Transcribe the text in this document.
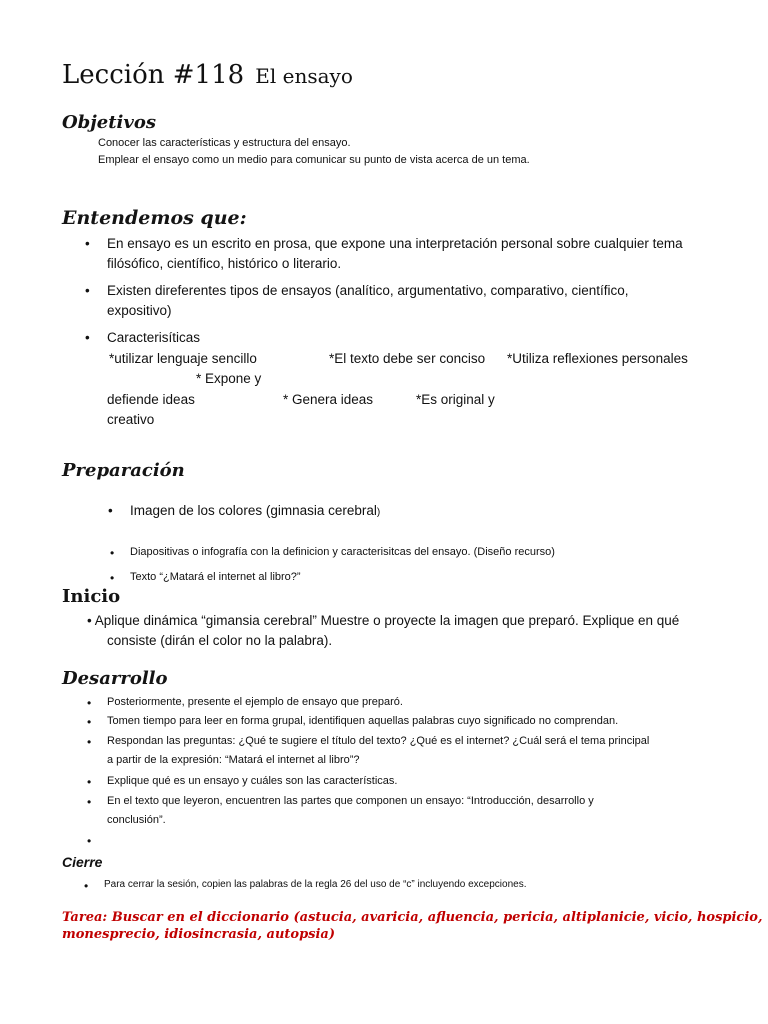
Lección #118 El ensayo
Objetivos
Conocer las características y estructura del ensayo.
Emplear el ensayo como un medio para comunicar su punto de vista acerca de un tema.
Entendemos que:
• En ensayo es un escrito en prosa, que expone una interpretación personal sobre cualquier tema
filósófico, científico, histórico o literario.
• Existen direferentes tipos de ensayos (analítico, argumentativo, comparativo, científico,
expositivo)
• Caracterisíticas
*utilizar lenguaje sencillo	*El texto debe ser conciso *Utiliza reflexiones personales
* Expone y
defiende ideas	* Genera ideas	*Es original y
creativo
Preparación
• Imagen de los colores (gimnasia cerebral)
• Diapositivas o infografía con la definicion y caracterisitcas del ensayo. (Diseño recurso)
• Texto “¿Matará el internet al libro?”
Inicio
• Aplique dinámica “gimansia cerebral” Muestre o proyecte la imagen que preparó. Explique en qué
consiste (dirán el color no la palabra).
Desarrollo
• Posteriormente, presente el ejemplo de ensayo que preparó.
• Tomen tiempo para leer en forma grupal, identifiquen aquellas palabras cuyo significado no comprendan.
• Respondan las preguntas: ¿Qué te sugiere el título del texto? ¿Qué es el internet? ¿Cuál será el tema principal
a partir de la expresión: “Matará el internet al libro”?
• Explique qué es un ensayo y cuáles son las características.
• En el texto que leyeron, encuentren las partes que componen un ensayo: “Introducción, desarrollo y
conclusión”.
Cierre
• Para cerrar la sesión, copien las palabras de la regla 26 del uso de “c” incluyendo excepciones.
Tarea: Buscar en el diccionario (astucia, avaricia, afluencia, pericia, altiplanicie, vicio, hospicio,
monesprecio, idiosincrasia, autopsia)
